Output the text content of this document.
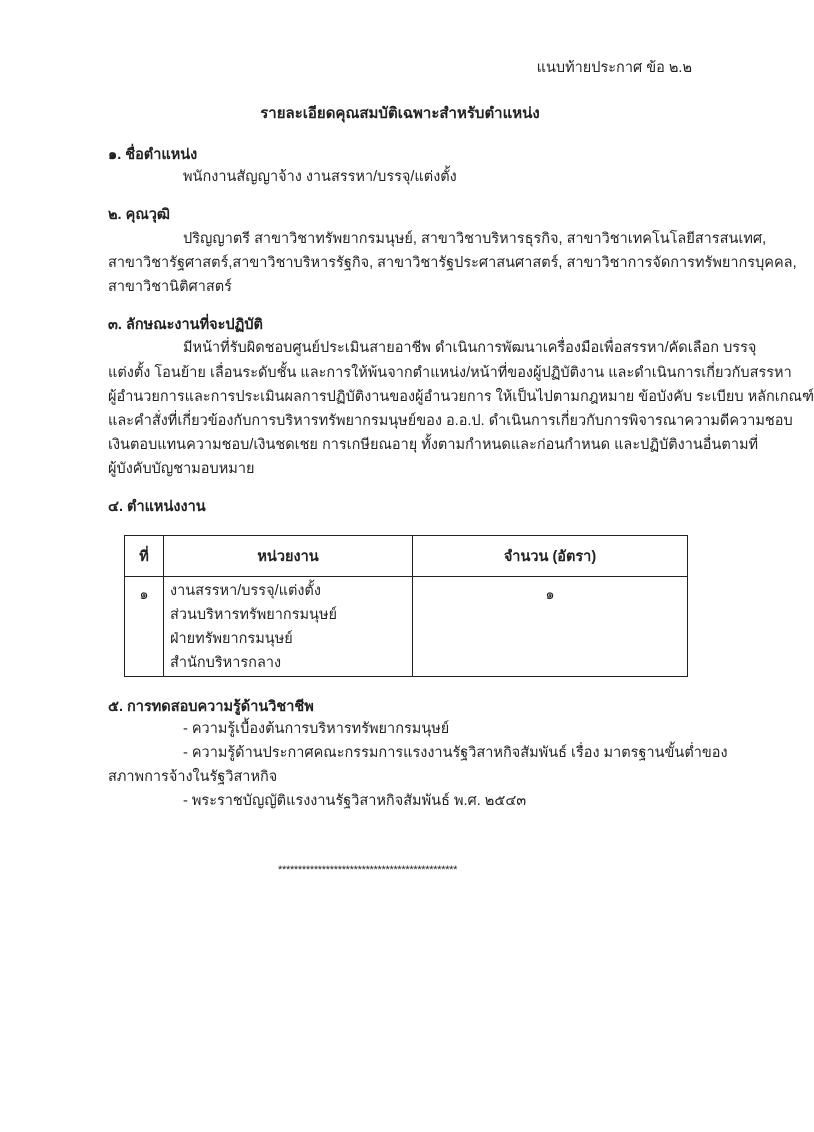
แนบท้ายประกาศ ข้อ ๒.๒
รายละเอียดคุณสมบัติเฉพาะสำหรับตำแหน่ง
๑. ชื่อตำแหน่ง
พนักงานสัญญาจ้าง งานสรรหา/บรรจุ/แต่งตั้ง
๒. คุณวุฒิ
ปริญญาตรี สาขาวิชาทรัพยากรมนุษย์, สาขาวิชาบริหารธุรกิจ, สาขาวิชาเทคโนโลยีสารสนเทศ,
สาขาวิชารัฐศาสตร์,สาขาวิชาบริหารรัฐกิจ, สาขาวิชารัฐประศาสนศาสตร์, สาขาวิชาการจัดการทรัพยากรบุคคล,
สาขาวิชานิติศาสตร์
๓. ลักษณะงานที่จะปฏิบัติ
มีหน้าที่รับผิดชอบศูนย์ประเมินสายอาชีพ ดำเนินการพัฒนาเครื่องมือเพื่อสรรหา/คัดเลือก บรรจุ
แต่งตั้ง โอนย้าย เลื่อนระดับชั้น และการให้พ้นจากตำแหน่ง/หน้าที่ของผู้ปฏิบัติงาน และดำเนินการเกี่ยวกับสรรหา
ผู้อำนวยการและการประเมินผลการปฏิบัติงานของผู้อำนวยการ ให้เป็นไปตามกฎหมาย ข้อบังคับ ระเบียบ หลักเกณฑ์
และคำสั่งที่เกี่ยวข้องกับการบริหารทรัพยากรมนุษย์ของ อ.อ.ป. ดำเนินการเกี่ยวกับการพิจารณาความดีความชอบ
เงินตอบแทนความชอบ/เงินชดเชย การเกษียณอายุ ทั้งตามกำหนดและก่อนกำหนด และปฏิบัติงานอื่นตามที่
ผู้บังคับบัญชามอบหมาย
๔. ตำแหน่งงาน
ที่	หน่วยงาน	จำนวน (อัตรา)

๑	งานสรรหา/บรรจุ/แต่งตั้ง
ส่วนบริหารทรัพยากรมนุษย์
ฝ่ายทรัพยากรมนุษย์
สำนักบริหารกลาง	๑
๕. การทดสอบความรู้ด้านวิชาชีพ
- ความรู้เบื้องต้นการบริหารทรัพยากรมนุษย์
- ความรู้ด้านประกาศคณะกรรมการแรงงานรัฐวิสาหกิจสัมพันธ์ เรื่อง มาตรฐานขั้นต่ำของ
สภาพการจ้างในรัฐวิสาหกิจ
- พระราชบัญญัติแรงงานรัฐวิสาหกิจสัมพันธ์ พ.ศ. ๒๕๔๓
*********************************************
